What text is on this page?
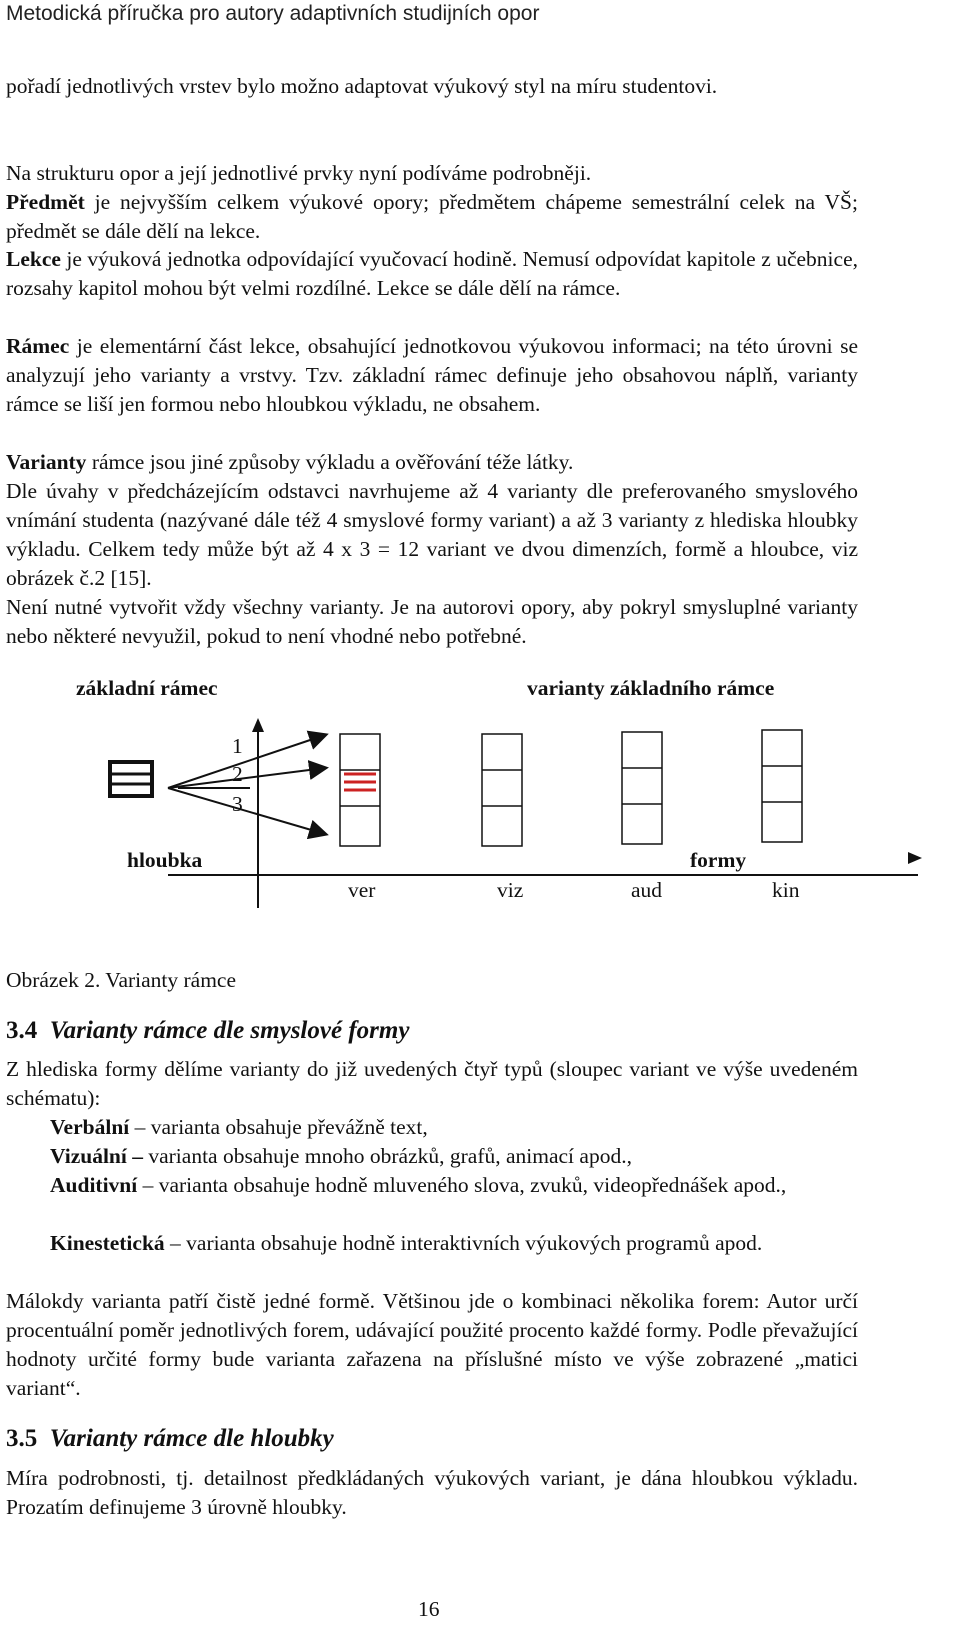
Metodická příručka pro autory adaptivních studijních opor

pořadí jednotlivých vrstev bylo možno adaptovat výukový styl na míru studentovi.

Na strukturu opor a její jednotlivé prvky nyní podíváme podrobněji.

Předmět je nejvyšším celkem výukové opory; předmětem chápeme semestrální celek na VŠ; předmět se dále dělí na lekce.

Lekce je výuková jednotka odpovídající vyučovací hodině. Nemusí odpovídat kapitole z učebnice, rozsahy kapitol mohou být velmi rozdílné. Lekce se dále dělí na rámce.

Rámec je elementární část lekce, obsahující jednotkovou výukovou informaci; na této úrovni se analyzují jeho varianty a vrstvy. Tzv. základní rámec definuje jeho obsahovou náplň, varianty rámce se liší jen formou nebo hloubkou výkladu, ne obsahem.

Varianty rámce jsou jiné způsoby výkladu a ověřování téže látky.

Dle úvahy v předcházejícím odstavci navrhujeme až 4 varianty dle preferovaného smyslového vnímání studenta (nazývané dále též 4 smyslové formy variant) a až 3 varianty z hlediska hloubky výkladu. Celkem tedy může být až 4 x 3 = 12 variant ve dvou dimenzích, formě a hloubce, viz obrázek č.2 [15].

Není nutné vytvořit vždy všechny varianty. Je na autorovi opory, aby pokryl smysluplné varianty nebo některé nevyužil, pokud to není vhodné nebo potřebné.

základní rámec	varianty základního rámce
1
2
3
hloubka	formy
ver	viz	aud	kin
Obrázek 2. Varianty rámce
3.4 Varianty rámce dle smyslové formy

Z hlediska formy dělíme varianty do již uvedených čtyř typů (sloupec variant ve výše uvedeném schématu):

Verbální – varianta obsahuje převážně text,

Vizuální – varianta obsahuje mnoho obrázků, grafů, animací apod.,

Auditivní – varianta obsahuje hodně mluveného slova, zvuků, videopřednášek apod.,

Kinestetická – varianta obsahuje hodně interaktivních výukových programů apod.

Málokdy varianta patří čistě jedné formě. Většinou jde o kombinaci několika forem: Autor určí procentuální poměr jednotlivých forem, udávající použité procento každé formy. Podle převažující hodnoty určité formy bude varianta zařazena na příslušné místo ve výše zobrazené „matici variant“.

3.5 Varianty rámce dle hloubky

Míra podrobnosti, tj. detailnost předkládaných výukových variant, je dána hloubkou výkladu. Prozatím definujeme 3 úrovně hloubky.

16
